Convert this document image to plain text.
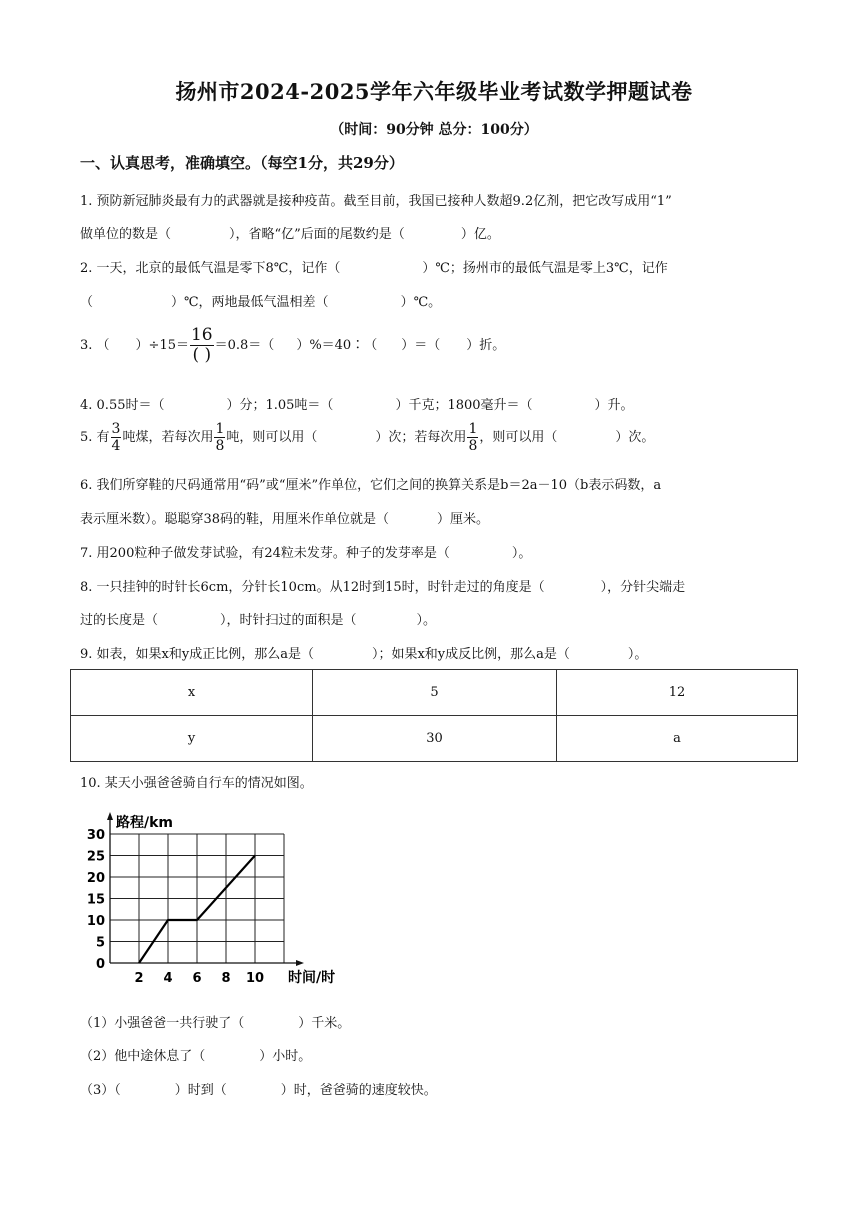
扬州市2024-2025学年六年级毕业考试数学押题试卷
（时间：90分钟 总分：100分）
一、认真思考，准确填空。（每空1分，共29分）
1. 预防新冠肺炎最有力的武器就是接种疫苗。截至目前，我国已接种人数超9.2亿剂，把它改写成用“1”
做单位的数是（	），省略“亿”后面的尾数约是（	）亿。
2. 一天，北京的最低气温是零下8℃，记作（	）℃；扬州市的最低气温是零上3℃，记作
（	）℃，两地最低气温相差（	）℃。
3. （ ）$\div 15= \frac{16}{( )} =0.8=$（ ）%＝40∶（ ）＝（ ）折。
4. 0.55时＝（	）分；1.05吨＝（	）千克；1800毫升＝（	）升。
5. 有 $\frac{3}{4}$ 吨煤，若每次用 $\frac{1}{8}$ 吨，则可以用（	）次；若每次用 $\frac{1}{8}$ ，则可以用（	）次。
6. 我们所穿鞋的尺码通常用“码”或“厘米”作单位，它们之间的换算关系是b＝2a－10（b表示码数，a
表示厘米数）。聪聪穿38码的鞋，用厘米作单位就是（	）厘米。
7. 用200粒种子做发芽试验，有24粒未发芽。种子的发芽率是（	）。
8. 一只挂钟的时针长6cm，分针长10cm。从12时到15时，时针走过的角度是（	），分针尖端走
过的长度是（	），时针扫过的面积是（	）。
9. 如表，如果x和y成正比例，那么a是（	）；如果x和y成反比例，那么a是（	）。
x	5	12
y	30	a
10. 某天小强爸爸骑自行车的情况如图。
2 4 6 8 10
0
5
10
15
20
25
30
路程/km
时间/时
（1）小强爸爸一共行驶了（	）千米。
（2）他中途休息了（	）小时。
（3）（	）时到（	）时，爸爸骑的速度较快。
